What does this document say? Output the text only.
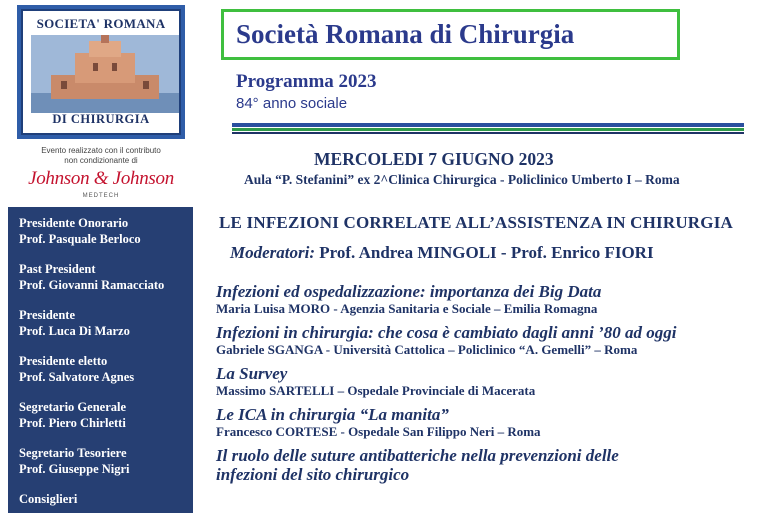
SOCIETA' ROMANA
DI CHIRURGIA
Evento realizzato con il contributo
non condizionante di
Johnson & Johnson
MEDTECH
Presidente Onorario
Prof. Pasquale Berloco
Past President
Prof. Giovanni Ramacciato
Presidente
Prof. Luca Di Marzo
Presidente eletto
Prof. Salvatore Agnes
Segretario Generale
Prof. Piero Chirletti
Segretario Tesoriere
Prof. Giuseppe Nigri
Consiglieri
Società Romana di Chirurgia
Programma 2023
84° anno sociale
MERCOLEDI 7 GIUGNO 2023
Aula “P. Stefanini” ex 2^Clinica Chirurgica - Policlinico Umberto I – Roma
LE INFEZIONI CORRELATE ALL’ASSISTENZA IN CHIRURGIA
Moderatori: Prof. Andrea MINGOLI - Prof. Enrico FIORI
Infezioni ed ospedalizzazione: importanza dei Big Data
Maria Luisa MORO - Agenzia Sanitaria e Sociale – Emilia Romagna
Infezioni in chirurgia: che cosa è cambiato dagli anni ’80 ad oggi
Gabriele SGANGA - Università Cattolica – Policlinico “A. Gemelli” – Roma
La Survey
Massimo SARTELLI – Ospedale Provinciale di Macerata
Le ICA in chirurgia “La manita”
Francesco CORTESE - Ospedale San Filippo Neri – Roma
Il ruolo delle suture antibatteriche nella prevenzioni delle
infezioni del sito chirurgico
